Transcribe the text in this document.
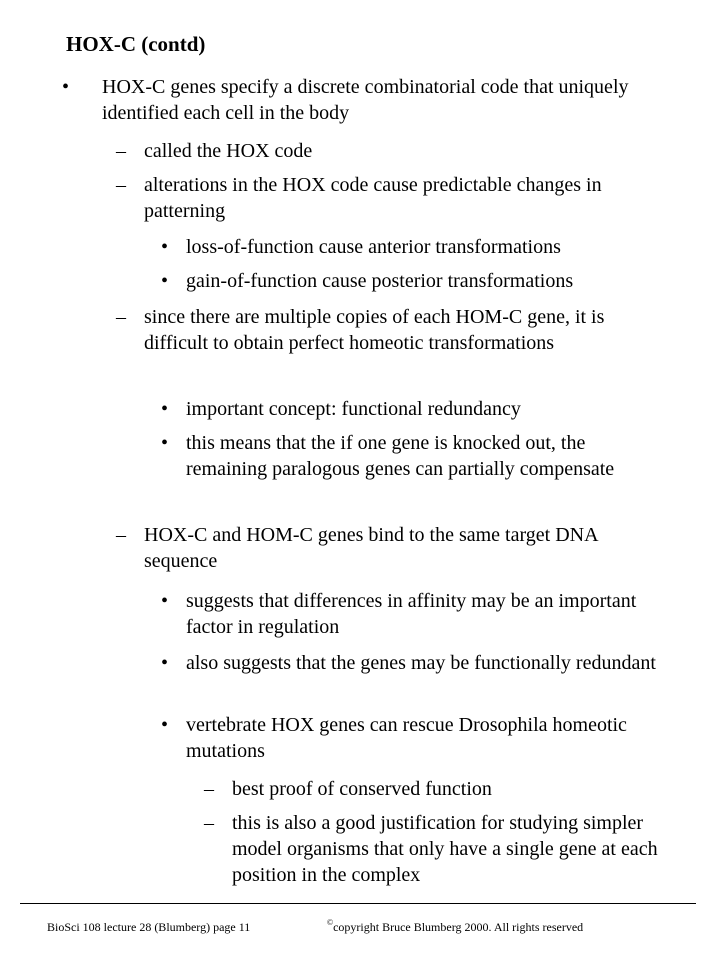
HOX-C (contd)
• HOX-C genes specify a discrete combinatorial code that uniquely identified each cell in the body
– called the HOX code
– alterations in the HOX code cause predictable changes in patterning
• loss-of-function cause anterior transformations
• gain-of-function cause posterior transformations
– since there are multiple copies of each HOM-C gene, it is difficult to obtain perfect homeotic transformations
• important concept: functional redundancy
• this means that the if one gene is knocked out, the remaining paralogous genes can partially compensate
– HOX-C and HOM-C genes bind to the same target DNA sequence
• suggests that differences in affinity may be an important factor in regulation
• also suggests that the genes may be functionally redundant
• vertebrate HOX genes can rescue Drosophila homeotic mutations
– best proof of conserved function
– this is also a good justification for studying simpler model organisms that only have a single gene at each position in the complex
BioSci 108 lecture 28 (Blumberg) page 11	©copyright Bruce Blumberg 2000. All rights reserved
